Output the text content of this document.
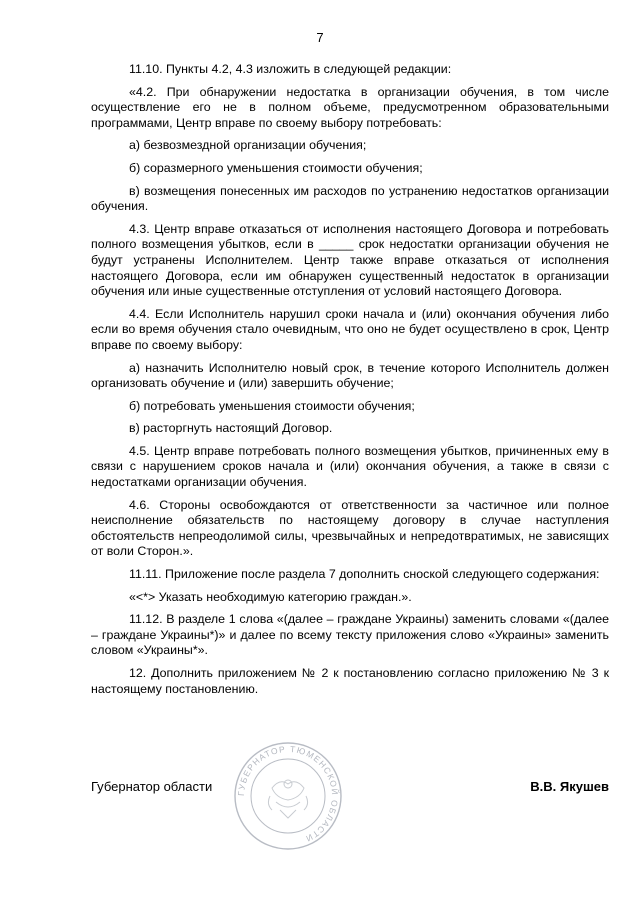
7

11.10. Пункты 4.2, 4.3 изложить в следующей редакции:

«4.2. При обнаружении недостатка в организации обучения, в том числе осуществление его не в полном объеме, предусмотренном образовательными программами, Центр вправе по своему выбору потребовать:

а) безвозмездной организации обучения;

б) соразмерного уменьшения стоимости обучения;

в) возмещения понесенных им расходов по устранению недостатков организации обучения.

4.3. Центр вправе отказаться от исполнения настоящего Договора и потребовать полного возмещения убытков, если в _____ срок недостатки организации обучения не будут устранены Исполнителем. Центр также вправе отказаться от исполнения настоящего Договора, если им обнаружен существенный недостаток в организации обучения или иные существенные отступления от условий настоящего Договора.

4.4. Если Исполнитель нарушил сроки начала и (или) окончания обучения либо если во время обучения стало очевидным, что оно не будет осуществлено в срок, Центр вправе по своему выбору:

а) назначить Исполнителю новый срок, в течение которого Исполнитель должен организовать обучение и (или) завершить обучение;

б) потребовать уменьшения стоимости обучения;

в) расторгнуть настоящий Договор.

4.5. Центр вправе потребовать полного возмещения убытков, причиненных ему в связи с нарушением сроков начала и (или) окончания обучения, а также в связи с недостатками организации обучения.

4.6. Стороны освобождаются от ответственности за частичное или полное неисполнение обязательств по настоящему договору в случае наступления обстоятельств непреодолимой силы, чрезвычайных и непредотвратимых, не зависящих от воли Сторон.».

11.11. Приложение после раздела 7 дополнить сноской следующего содержания:

«<*> Указать необходимую категорию граждан.».

11.12. В разделе 1 слова «(далее – граждане Украины) заменить словами «(далее – граждане Украины*)» и далее по всему тексту приложения слово «Украины» заменить словом «Украины*».

12. Дополнить приложением № 2 к постановлению согласно приложению № 3 к настоящему постановлению.

Губернатор области	В.В. Якушев
ГУБЕРНАТОР ТЮМЕНСКОЙ ОБЛАСТИ
